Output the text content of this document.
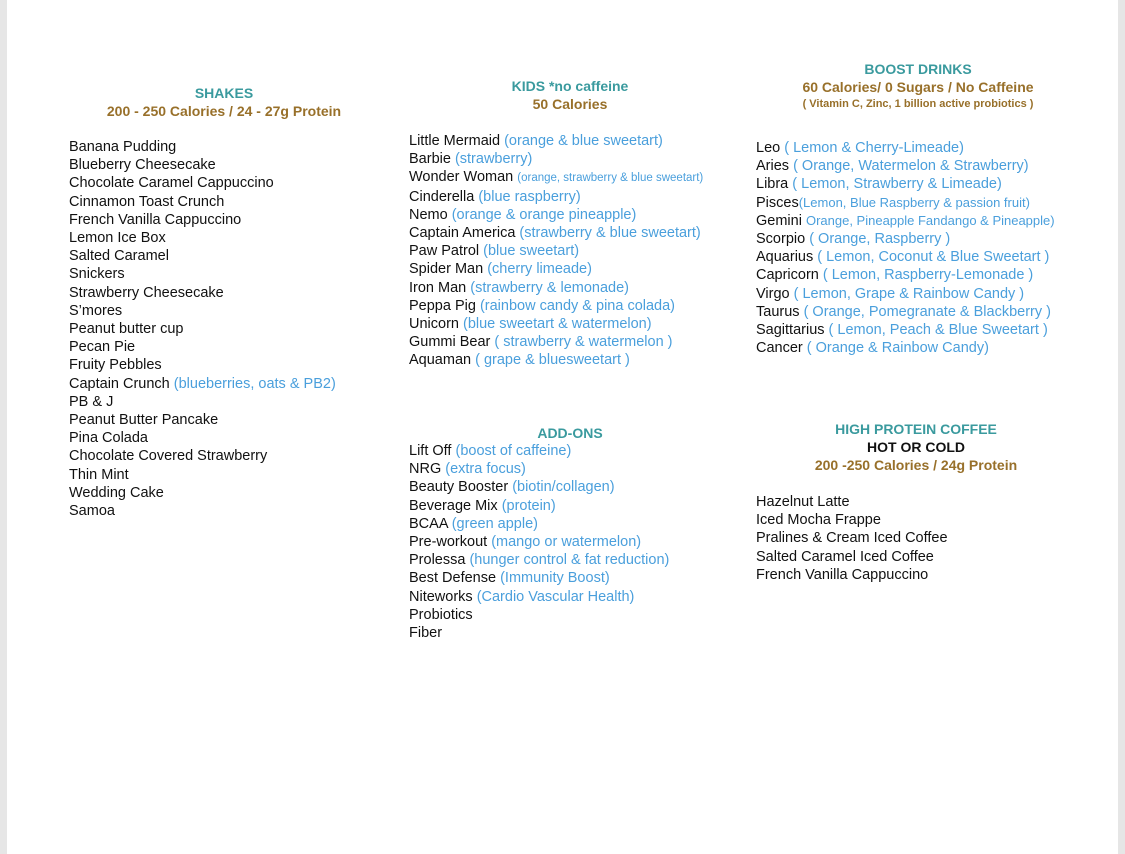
SHAKES
200 - 250 Calories / 24 - 27g Protein
Banana Pudding
Blueberry Cheesecake
Chocolate Caramel Cappuccino
Cinnamon Toast Crunch
French Vanilla Cappuccino
Lemon Ice Box
Salted Caramel
Snickers
Strawberry Cheesecake
S’mores
Peanut butter cup
Pecan Pie
Fruity Pebbles
Captain Crunch (blueberries, oats & PB2)
PB & J
Peanut Butter Pancake
Pina Colada
Chocolate Covered Strawberry
Thin Mint
Wedding Cake
Samoa
KIDS *no caffeine
50 Calories
Little Mermaid (orange & blue sweetart)
Barbie (strawberry)
Wonder Woman (orange, strawberry & blue sweetart)
Cinderella (blue raspberry)
Nemo (orange & orange pineapple)
Captain America (strawberry & blue sweetart)
Paw Patrol (blue sweetart)
Spider Man (cherry limeade)
Iron Man (strawberry & lemonade)
Peppa Pig (rainbow candy & pina colada)
Unicorn (blue sweetart & watermelon)
Gummi Bear ( strawberry & watermelon )
Aquaman ( grape & bluesweetart )
ADD-ONS
Lift Off (boost of caffeine)
NRG (extra focus)
Beauty Booster (biotin/collagen)
Beverage Mix (protein)
BCAA (green apple)
Pre-workout (mango or watermelon)
Prolessa (hunger control & fat reduction)
Best Defense (Immunity Boost)
Niteworks (Cardio Vascular Health)
Probiotics
Fiber
BOOST DRINKS
60 Calories/ 0 Sugars / No Caffeine
( Vitamin C, Zinc, 1 billion active probiotics )
Leo ( Lemon & Cherry-Limeade)
Aries ( Orange, Watermelon & Strawberry)
Libra ( Lemon, Strawberry & Limeade)
Pisces(Lemon, Blue Raspberry & passion fruit)
Gemini Orange, Pineapple Fandango & Pineapple)
Scorpio ( Orange, Raspberry )
Aquarius ( Lemon, Coconut & Blue Sweetart )
Capricorn ( Lemon, Raspberry-Lemonade )
Virgo ( Lemon, Grape & Rainbow Candy )
Taurus ( Orange, Pomegranate & Blackberry )
Sagittarius ( Lemon, Peach & Blue Sweetart )
Cancer ( Orange & Rainbow Candy)
HIGH PROTEIN COFFEE
HOT OR COLD
200 -250 Calories / 24g Protein
Hazelnut Latte
Iced Mocha Frappe
Pralines & Cream Iced Coffee
Salted Caramel Iced Coffee
French Vanilla Cappuccino
